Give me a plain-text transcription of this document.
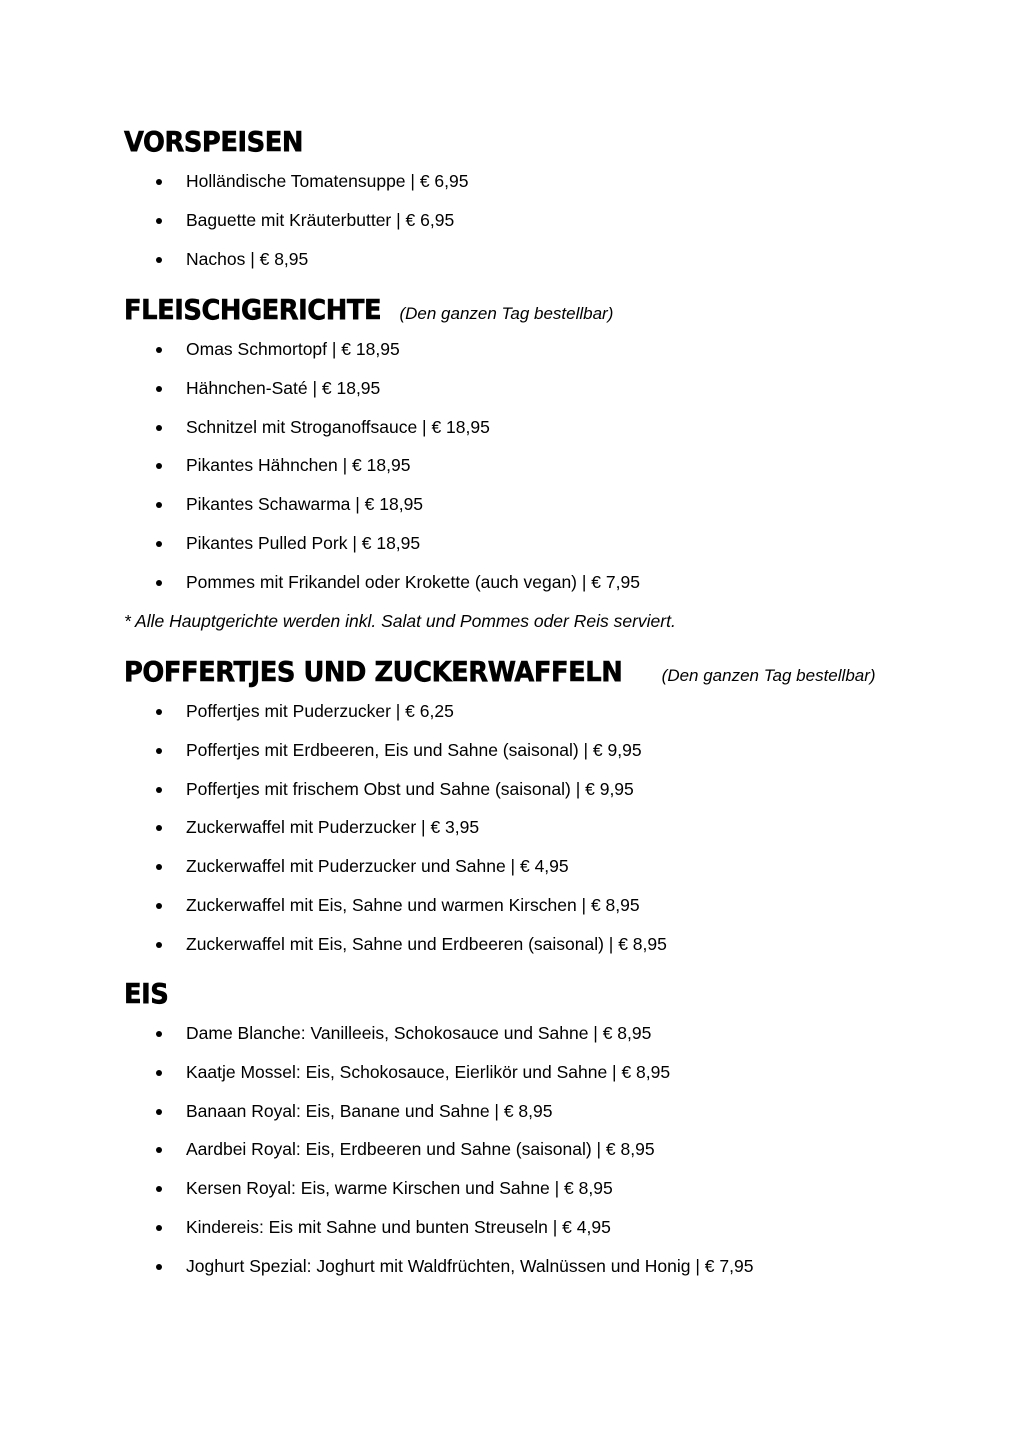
VORSPEISEN
Holländische Tomatensuppe | € 6,95
Baguette mit Kräuterbutter | € 6,95
Nachos | € 8,95
FLEISCHGERICHTE (Den ganzen Tag bestellbar)
Omas Schmortopf | € 18,95
Hähnchen-Saté | € 18,95
Schnitzel mit Stroganoffsauce | € 18,95
Pikantes Hähnchen | € 18,95
Pikantes Schawarma | € 18,95
Pikantes Pulled Pork | € 18,95
Pommes mit Frikandel oder Krokette (auch vegan) | € 7,95
* Alle Hauptgerichte werden inkl. Salat und Pommes oder Reis serviert.
POFFERTJES UND ZUCKERWAFFELN (Den ganzen Tag bestellbar)
Poffertjes mit Puderzucker | € 6,25
Poffertjes mit Erdbeeren, Eis und Sahne (saisonal) | € 9,95
Poffertjes mit frischem Obst und Sahne (saisonal) | € 9,95
Zuckerwaffel mit Puderzucker | € 3,95
Zuckerwaffel mit Puderzucker und Sahne | € 4,95
Zuckerwaffel mit Eis, Sahne und warmen Kirschen | € 8,95
Zuckerwaffel mit Eis, Sahne und Erdbeeren (saisonal) | € 8,95
EIS
Dame Blanche: Vanilleeis, Schokosauce und Sahne | € 8,95
Kaatje Mossel: Eis, Schokosauce, Eierlikör und Sahne | € 8,95
Banaan Royal: Eis, Banane und Sahne | € 8,95
Aardbei Royal: Eis, Erdbeeren und Sahne (saisonal) | € 8,95
Kersen Royal: Eis, warme Kirschen und Sahne | € 8,95
Kindereis: Eis mit Sahne und bunten Streuseln | € 4,95
Joghurt Spezial: Joghurt mit Waldfrüchten, Walnüssen und Honig | € 7,95
